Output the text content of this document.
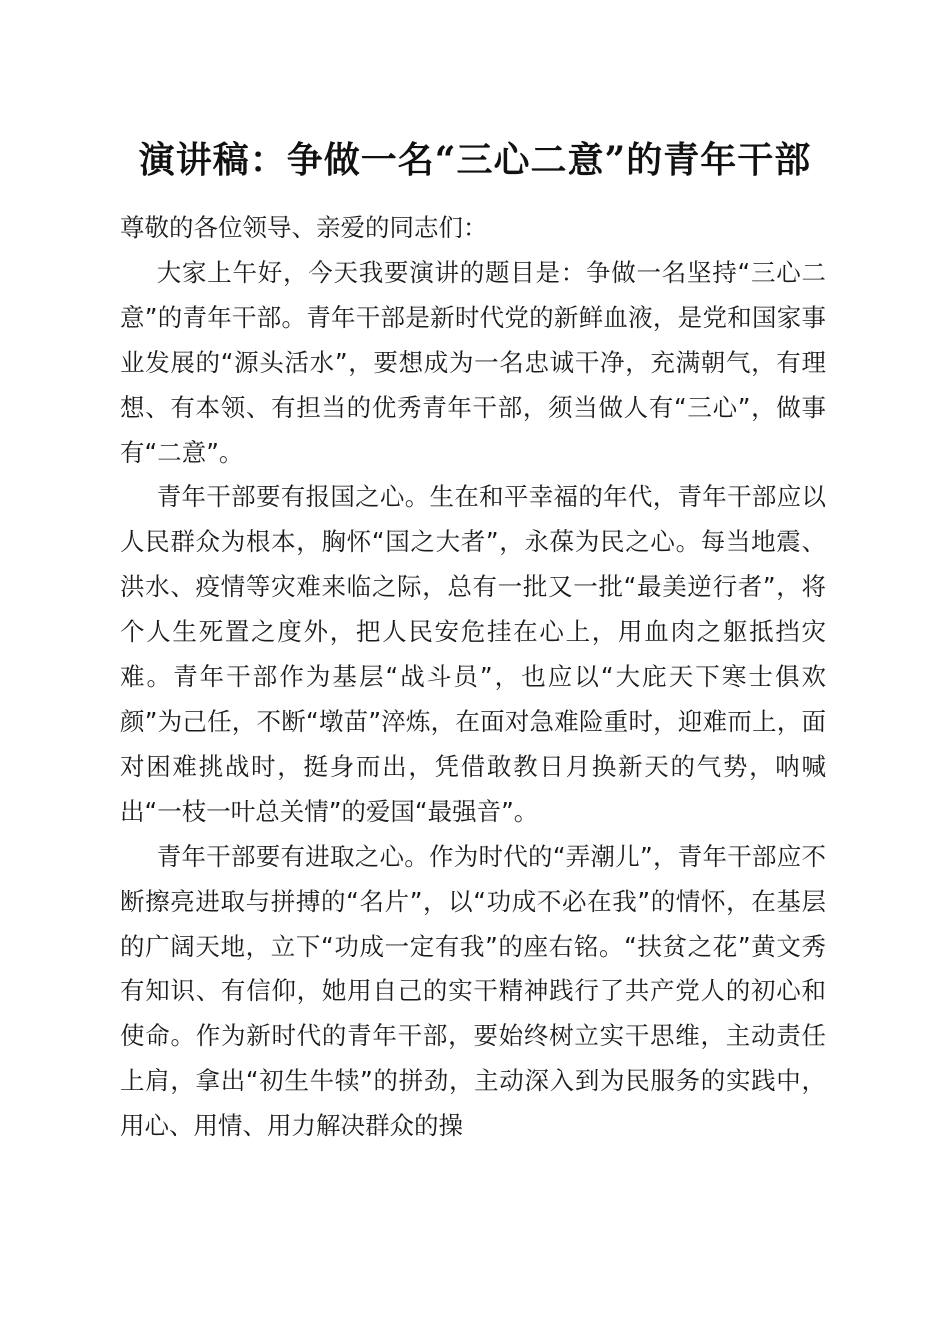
演讲稿：争做一名“三心二意”的青年干部

尊敬的各位领导、亲爱的同志们：

大家上午好，今天我要演讲的题目是：争做一名坚持“三心二意”的青年干部。青年干部是新时代党的新鲜血液，是党和国家事业发展的“源头活水”，要想成为一名忠诚干净，充满朝气，有理想、有本领、有担当的优秀青年干部，须当做人有“三心”，做事有“二意”。

青年干部要有报国之心。生在和平幸福的年代，青年干部应以人民群众为根本，胸怀“国之大者”，永葆为民之心。每当地震、洪水、疫情等灾难来临之际，总有一批又一批“最美逆行者”，将个人生死置之度外，把人民安危挂在心上，用血肉之躯抵挡灾难。青年干部作为基层“战斗员”，也应以“大庇天下寒士俱欢颜”为己任，不断“墩苗”淬炼，在面对急难险重时，迎难而上，面对困难挑战时，挺身而出，凭借敢教日月换新天的气势，呐喊出“一枝一叶总关情”的爱国“最强音”。

青年干部要有进取之心。作为时代的“弄潮儿”，青年干部应不断擦亮进取与拼搏的“名片”，以“功成不必在我”的情怀，在基层的广阔天地，立下“功成一定有我”的座右铭。“扶贫之花”黄文秀有知识、有信仰，她用自己的实干精神践行了共产党人的初心和使命。作为新时代的青年干部，要始终树立实干思维，主动责任上肩，拿出“初生牛犊”的拼劲，主动深入到为民服务的实践中，用心、用情、用力解决群众的操
